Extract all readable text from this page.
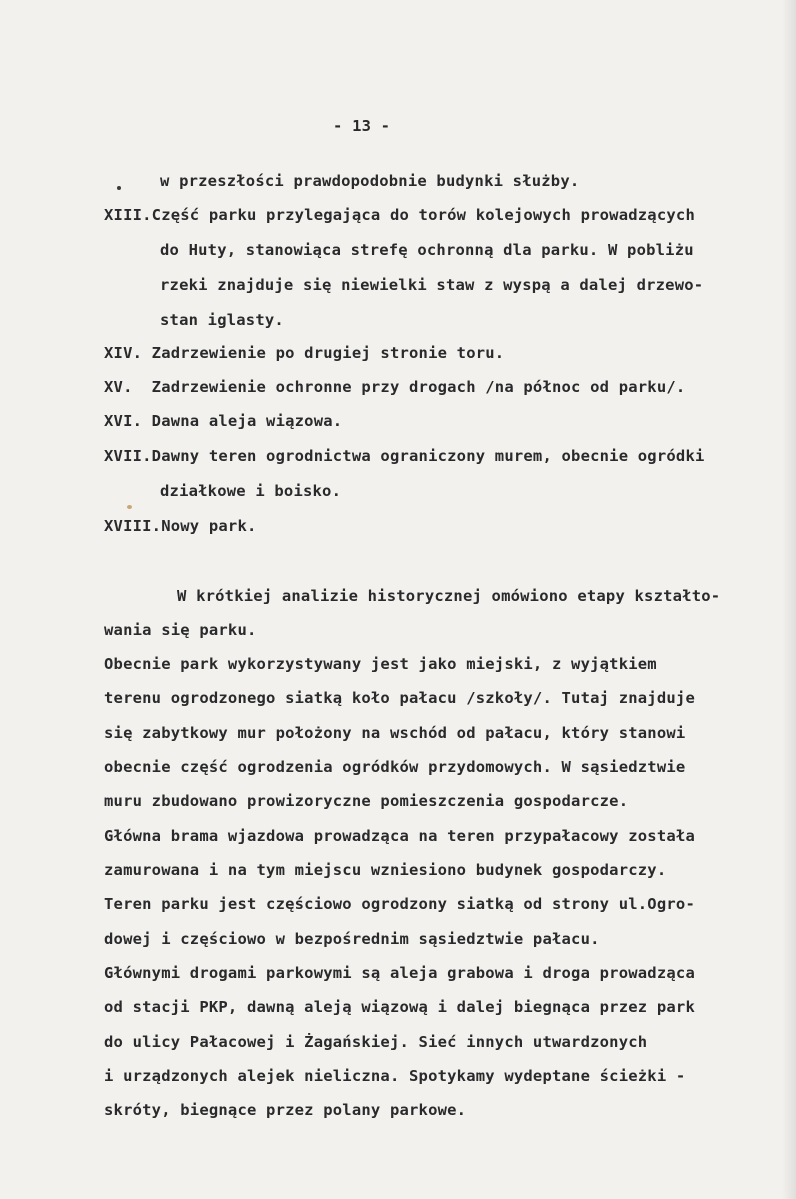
- 13 -
w przeszłości prawdopodobnie budynki służby.
XIII.Część parku przylegająca do torów kolejowych prowadzących
do Huty, stanowiąca strefę ochronną dla parku. W pobliżu
rzeki znajduje się niewielki staw z wyspą a dalej drzewo-
stan iglasty.
XIV. Zadrzewienie po drugiej stronie toru.
XV.  Zadrzewienie ochronne przy drogach /na północ od parku/.
XVI. Dawna aleja wiązowa.
XVII.Dawny teren ogrodnictwa ograniczony murem, obecnie ogródki
działkowe i boisko.
XVIII.Nowy park.
W krótkiej analizie historycznej omówiono etapy kształto-
wania się parku.
Obecnie park wykorzystywany jest jako miejski, z wyjątkiem
terenu ogrodzonego siatką koło pałacu /szkoły/. Tutaj znajduje
się zabytkowy mur położony na wschód od pałacu, który stanowi
obecnie część ogrodzenia ogródków przydomowych. W sąsiedztwie
muru zbudowano prowizoryczne pomieszczenia gospodarcze.
Główna brama wjazdowa prowadząca na teren przypałacowy została
zamurowana i na tym miejscu wzniesiono budynek gospodarczy.
Teren parku jest częściowo ogrodzony siatką od strony ul.Ogro-
dowej i częściowo w bezpośrednim sąsiedztwie pałacu.
Głównymi drogami parkowymi są aleja grabowa i droga prowadząca
od stacji PKP, dawną aleją wiązową i dalej biegnąca przez park
do ulicy Pałacowej i Żagańskiej. Sieć innych utwardzonych
i urządzonych alejek nieliczna. Spotykamy wydeptane ścieżki -
skróty, biegnące przez polany parkowe.
